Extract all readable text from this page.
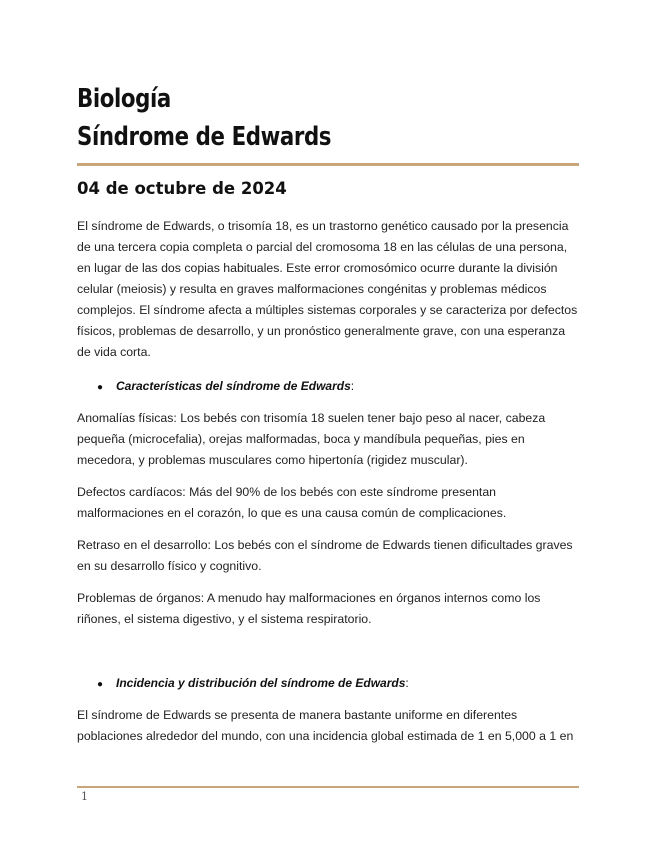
Biología
Síndrome de Edwards
04 de octubre de 2024

El síndrome de Edwards, o trisomía 18, es un trastorno genético causado por la presencia de una tercera copia completa o parcial del cromosoma 18 en las células de una persona, en lugar de las dos copias habituales. Este error cromosómico ocurre durante la división celular (meiosis) y resulta en graves malformaciones congénitas y problemas médicos complejos. El síndrome afecta a múltiples sistemas corporales y se caracteriza por defectos físicos, problemas de desarrollo, y un pronóstico generalmente grave, con una esperanza de vida corta.

● Características del síndrome de Edwards:

Anomalías físicas: Los bebés con trisomía 18 suelen tener bajo peso al nacer, cabeza pequeña (microcefalia), orejas malformadas, boca y mandíbula pequeñas, pies en mecedora, y problemas musculares como hipertonía (rigidez muscular).

Defectos cardíacos: Más del 90% de los bebés con este síndrome presentan malformaciones en el corazón, lo que es una causa común de complicaciones.

Retraso en el desarrollo: Los bebés con el síndrome de Edwards tienen dificultades graves en su desarrollo físico y cognitivo.

Problemas de órganos: A menudo hay malformaciones en órganos internos como los riñones, el sistema digestivo, y el sistema respiratorio.

● Incidencia y distribución del síndrome de Edwards:

El síndrome de Edwards se presenta de manera bastante uniforme en diferentes poblaciones alrededor del mundo, con una incidencia global estimada de 1 en 5,000 a 1 en

1
